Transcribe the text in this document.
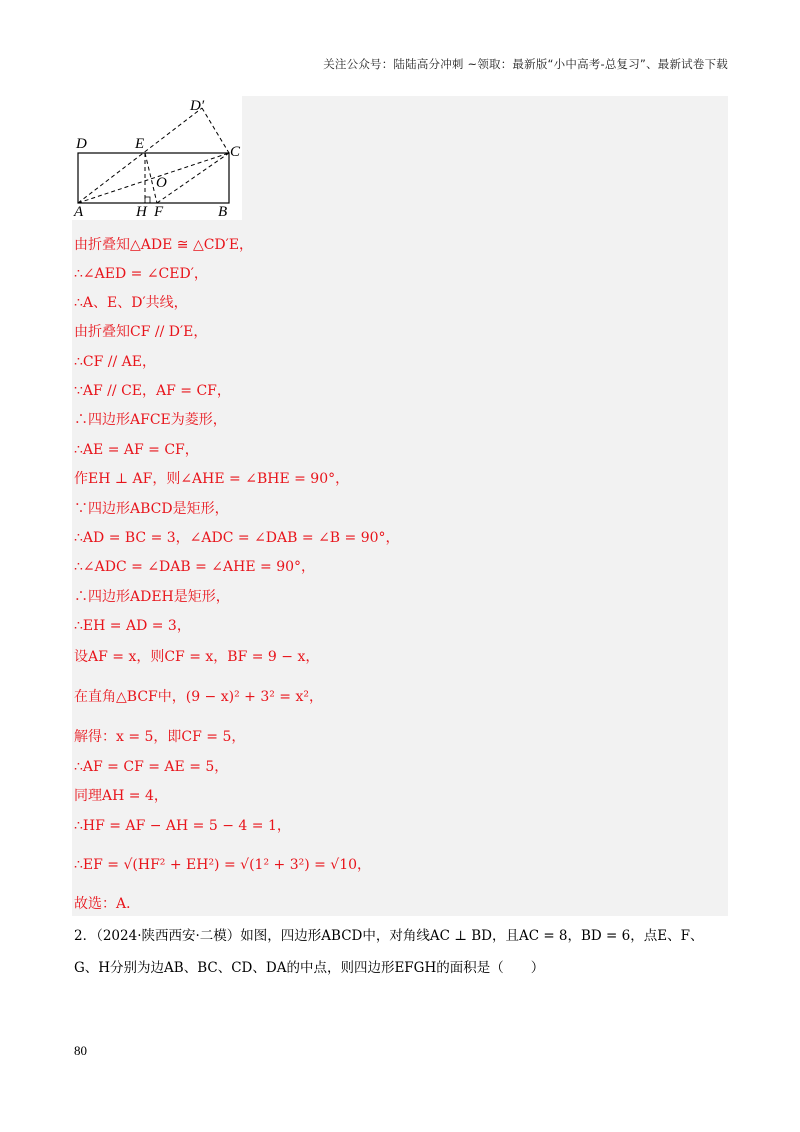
关注公众号：陆陆高分冲刺 ~领取：最新版“小中高考-总复习”、最新试卷下载
D′
D	E	C
O
A	H F	B
由折叠知△ADE ≅ △CD′E，
∴∠AED = ∠CED′，
∴A、E、D′共线，
由折叠知CF // D′E，
∴CF // AE，
∵AF // CE，AF = CF，
∴四边形AFCE为菱形，
∴AE = AF = CF，
作EH ⊥ AF，则∠AHE = ∠BHE = 90°，
∵四边形ABCD是矩形，
∴AD = BC = 3，∠ADC = ∠DAB = ∠B = 90°，
∴∠ADC = ∠DAB = ∠AHE = 90°，
∴四边形ADEH是矩形，
∴EH = AD = 3，
设AF = x，则CF = x，BF = 9 − x，
在直角△BCF中，(9 − x)² + 3² = x²，
解得：x = 5，即CF = 5，
∴AF = CF = AE = 5，
同理AH = 4，
∴HF = AF − AH = 5 − 4 = 1，
∴EF = √(HF² + EH²) = √(1² + 3²) = √10，
故选：A．
2．（2024·陕西西安·二模）如图，四边形ABCD中，对角线AC ⊥ BD，且AC = 8，BD = 6，点E、F、
G、H分别为边AB、BC、CD、DA的中点，则四边形EFGH的面积是（　　）
80
